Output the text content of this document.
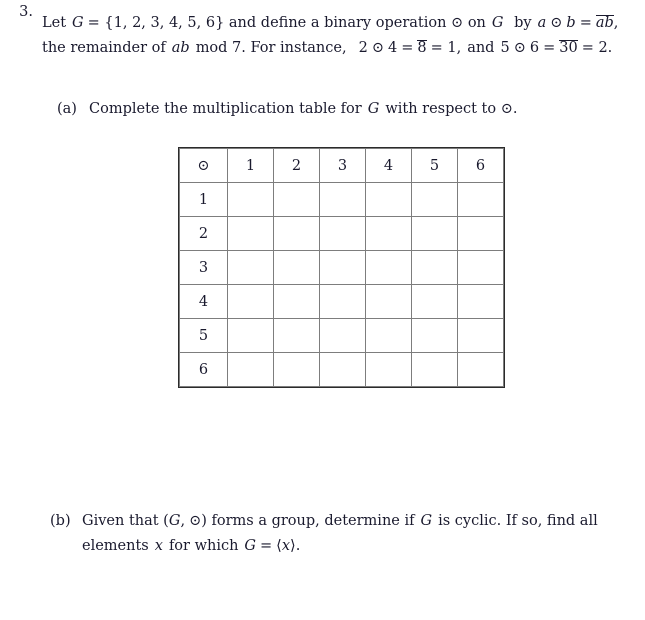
3.
Let G = {1, 2, 3, 4, 5, 6} and define a binary operation ⊙ on G by a ⊙ b = ab,
the remainder of ab mod 7. For instance, 2 ⊙ 4 = 8 = 1, and 5 ⊙ 6 = 30 = 2.
(a) Complete the multiplication table for G with respect to ⊙.
⊙	1	2	3	4	5	6
1						
2						
3						
4						
5						
6						
(b) Given that (G, ⊙) forms a group, determine if G is cyclic. If so, find all
elements x for which G = ⟨x⟩.
